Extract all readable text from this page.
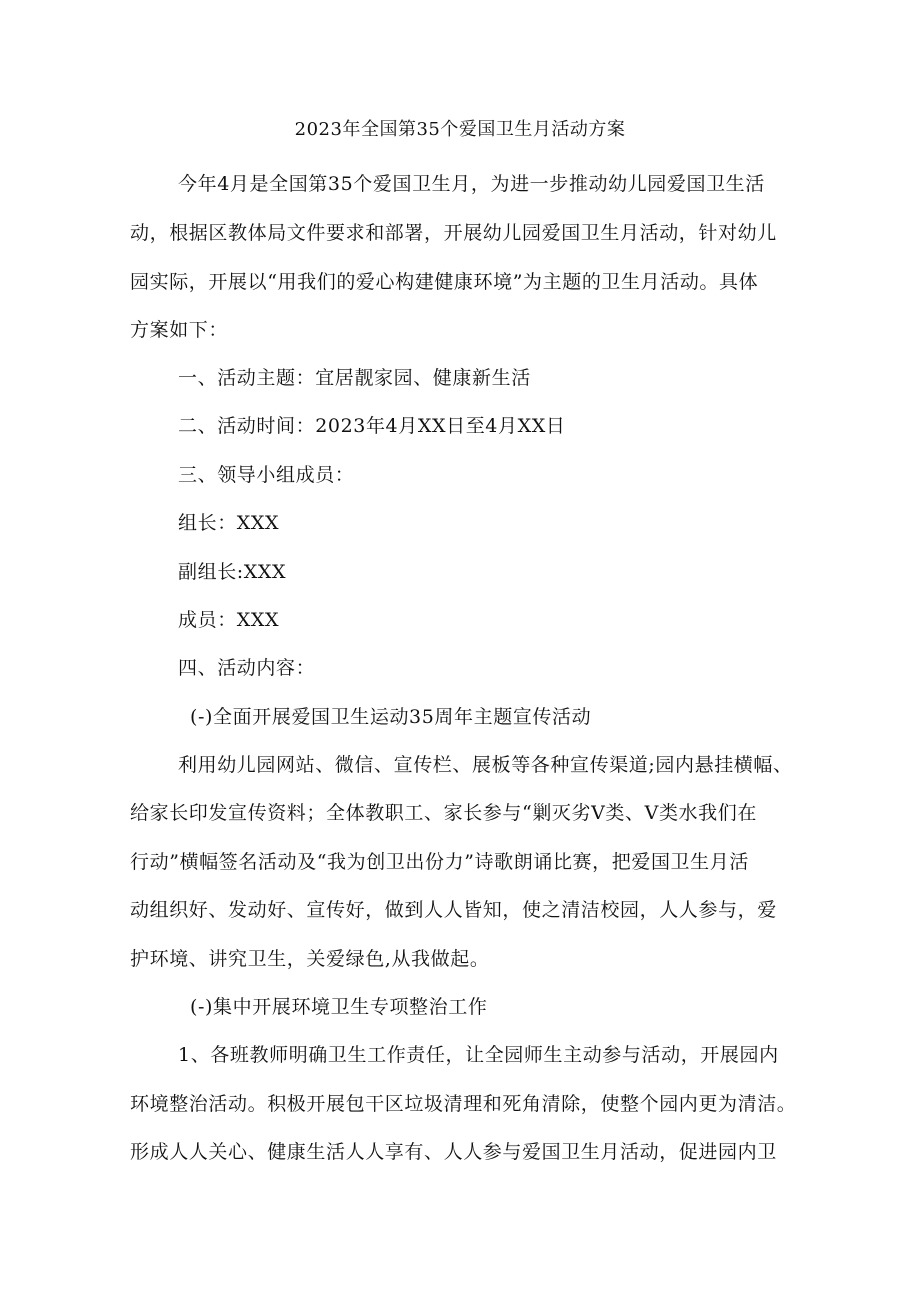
2023年全国第35个爱国卫生月活动方案
今年4月是全国第35个爱国卫生月，为进一步推动幼儿园爱国卫生活
动，根据区教体局文件要求和部署，开展幼儿园爱国卫生月活动，针对幼儿
园实际，开展以“用我们的爱心构建健康环境”为主题的卫生月活动。具体
方案如下：
一、活动主题：宜居靓家园、健康新生活
二、活动时间：2023年4月XX日至4月XX日
三、领导小组成员：
组长：XXX
副组长:XXX
成员：XXX
四、活动内容：
(-)全面开展爱国卫生运动35周年主题宣传活动
利用幼儿园网站、微信、宣传栏、展板等各种宣传渠道;园内悬挂横幅、
给家长印发宣传资料；全体教职工、家长参与“剿灭劣V类、V类水我们在
行动”横幅签名活动及“我为创卫出份力”诗歌朗诵比赛，把爱国卫生月活
动组织好、发动好、宣传好，做到人人皆知，使之清洁校园，人人参与，爱
护环境、讲究卫生，关爱绿色,从我做起。
(-)集中开展环境卫生专项整治工作
1、各班教师明确卫生工作责任，让全园师生主动参与活动，开展园内
环境整治活动。积极开展包干区垃圾清理和死角清除，使整个园内更为清洁。
形成人人关心、健康生活人人享有、人人参与爱国卫生月活动，促进园内卫
